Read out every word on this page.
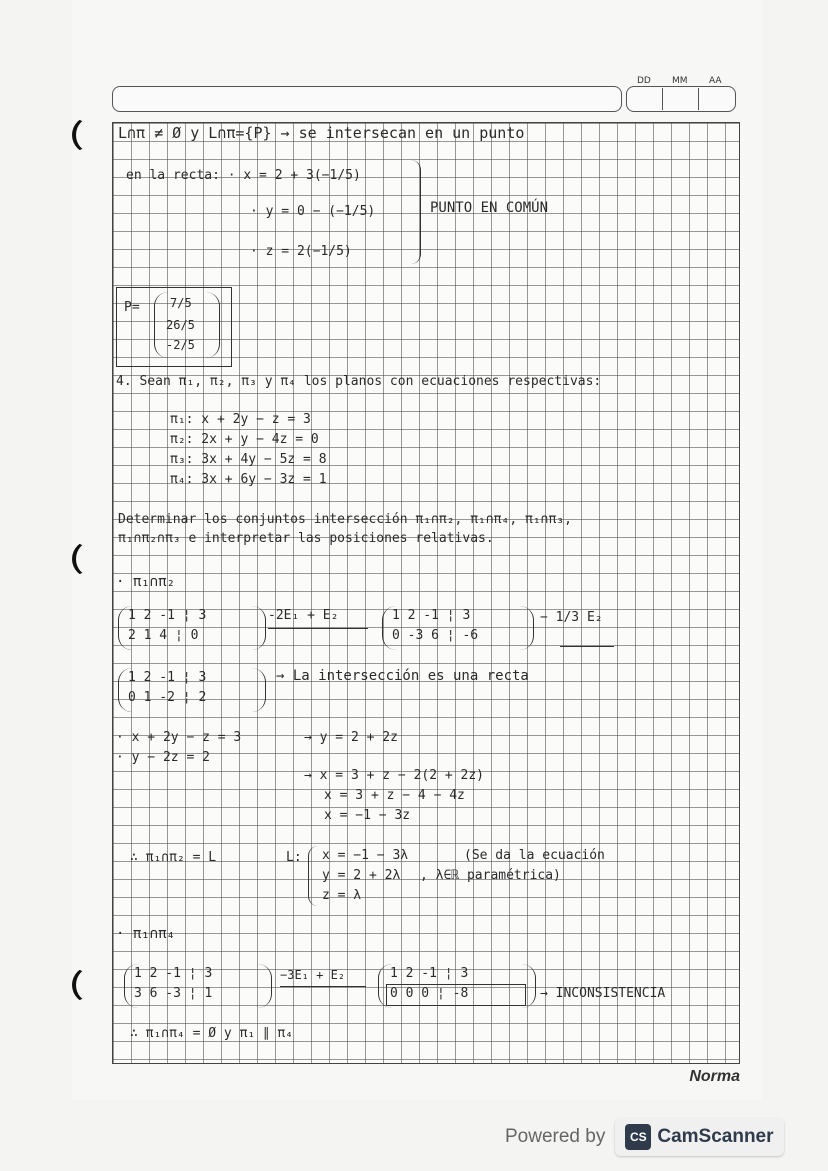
DD MM AA
L∩π ≠ Ø y L∩π={P} → se intersecan en un punto
en la recta: · x = 2 + 3(−1/5)
· y = 0 − (−1/5)
· z = 2(−1/5)
PUNTO EN COMÚN
P=	7/5
26/5
-2/5
4. Sean π₁, π₂, π₃ y π₄ los planos con ecuaciones respectivas:
π₁: x + 2y − z = 3
π₂: 2x + y − 4z = 0
π₃: 3x + 4y − 5z = 8
π₄: 3x + 6y − 3z = 1
Determinar los conjuntos intersección π₁∩π₂, π₁∩π₄, π₁∩π₃,
π₁∩π₂∩π₃ e interpretar las posiciones relativas.
· π₁∩π₂
1 2 -1 ¦ 3
2 1 4 ¦ 0
-2E₁ + E₂	1 2 -1 ¦ 3
0 -3 6 ¦ -6
− 1/3 E₂
1 2 -1 ¦ 3
0 1 -2 ¦ 2
→ La intersección es una recta
· x + 2y − z = 3
· y − 2z = 2
→ y = 2 + 2z
→ x = 3 + z − 2(2 + 2z)
x = 3 + z − 4 − 4z
x = −1 − 3z
∴ π₁∩π₂ = L	L: x = −1 − 3λ
y = 2 + 2λ
z = λ
(Se da la ecuación
, λ∈ℝ paramétrica)
· π₁∩π₄
1 2 -1 ¦ 3
3 6 -3 ¦ 1
−3E₁ + E₂	1 2 -1 ¦ 3
0 0 0 ¦ -8	→ INCONSISTENCIA
∴ π₁∩π₄ = Ø y π₁ ∥ π₄
Norma
Powered by	CS CamScanner
